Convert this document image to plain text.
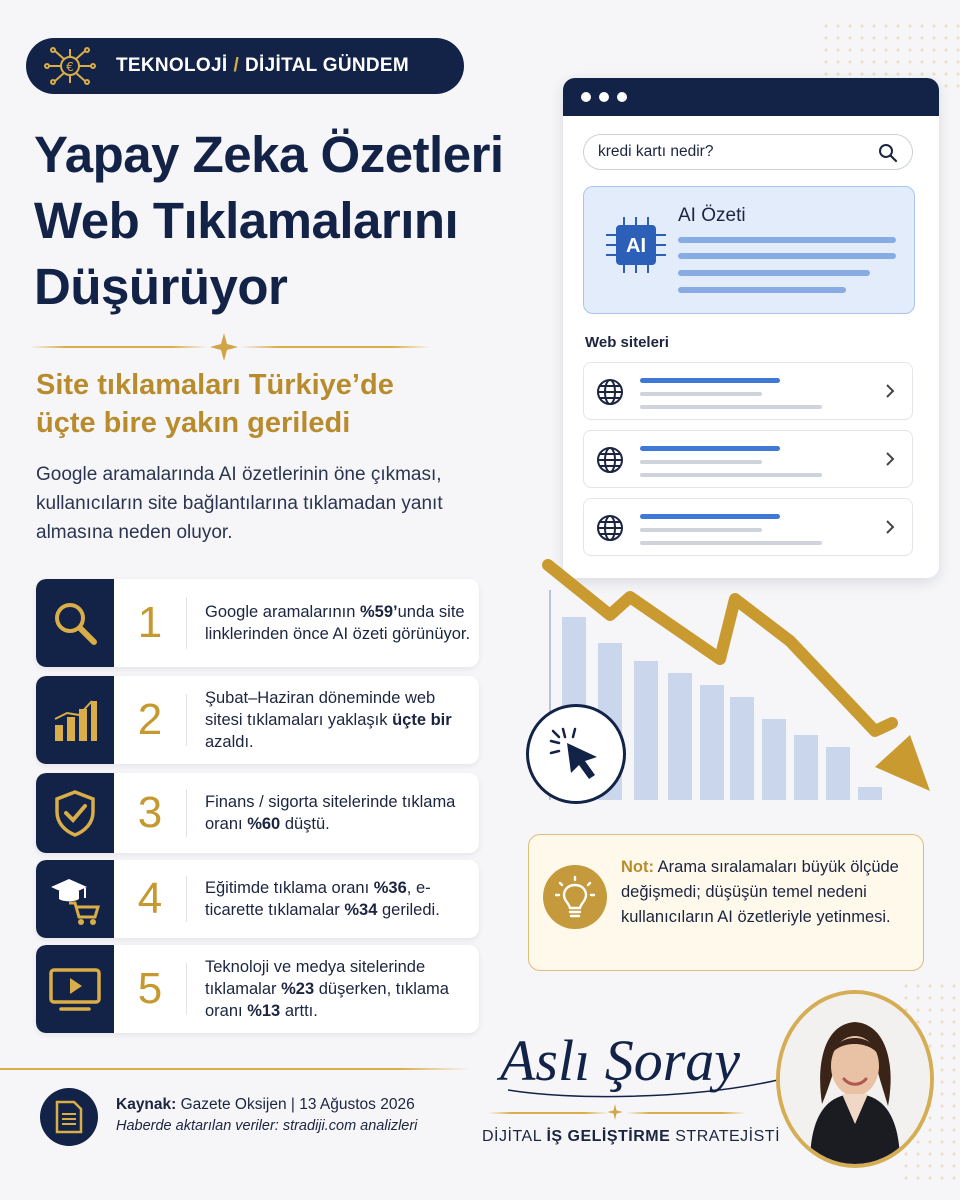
€ TEKNOLOJİ / DİJİTAL GÜNDEM
Yapay Zeka Özetleri
Web Tıklamalarını
Düşürüyor
Site tıklamaları Türkiye’de
üçte bire yakın geriledi
Google aramalarında AI özetlerinin öne çıkması, kullanıcıların site bağlantılarına tıklamadan yanıt almasına neden oluyor.
1	Google aramalarının %59’unda site linklerinden önce AI özeti görünüyor.
2	Şubat–Haziran döneminde web sitesi tıklamaları yaklaşık üçte bir azaldı.
3	Finans / sigorta sitelerinde tıklama oranı %60 düştü.
4	Eğitimde tıklama oranı %36, e-ticarette tıklamalar %34 geriledi.
5	Teknoloji ve medya sitelerinde tıklamalar %23 düşerken, tıklama oranı %13 arttı.
Kaynak: Gazete Oksijen | 13 Ağustos 2026
Haberde aktarılan veriler: stradiji.com analizleri
kredi kartı nedir?
AI
AI Özeti
Web siteleri
Not: Arama sıralamaları büyük ölçüde değişmedi; düşüşün temel nedeni kullanıcıların AI özetleriyle yetinmesi.
Aslı Şoray
DİJİTAL İŞ GELİŞTİRME STRATEJİSTİ
